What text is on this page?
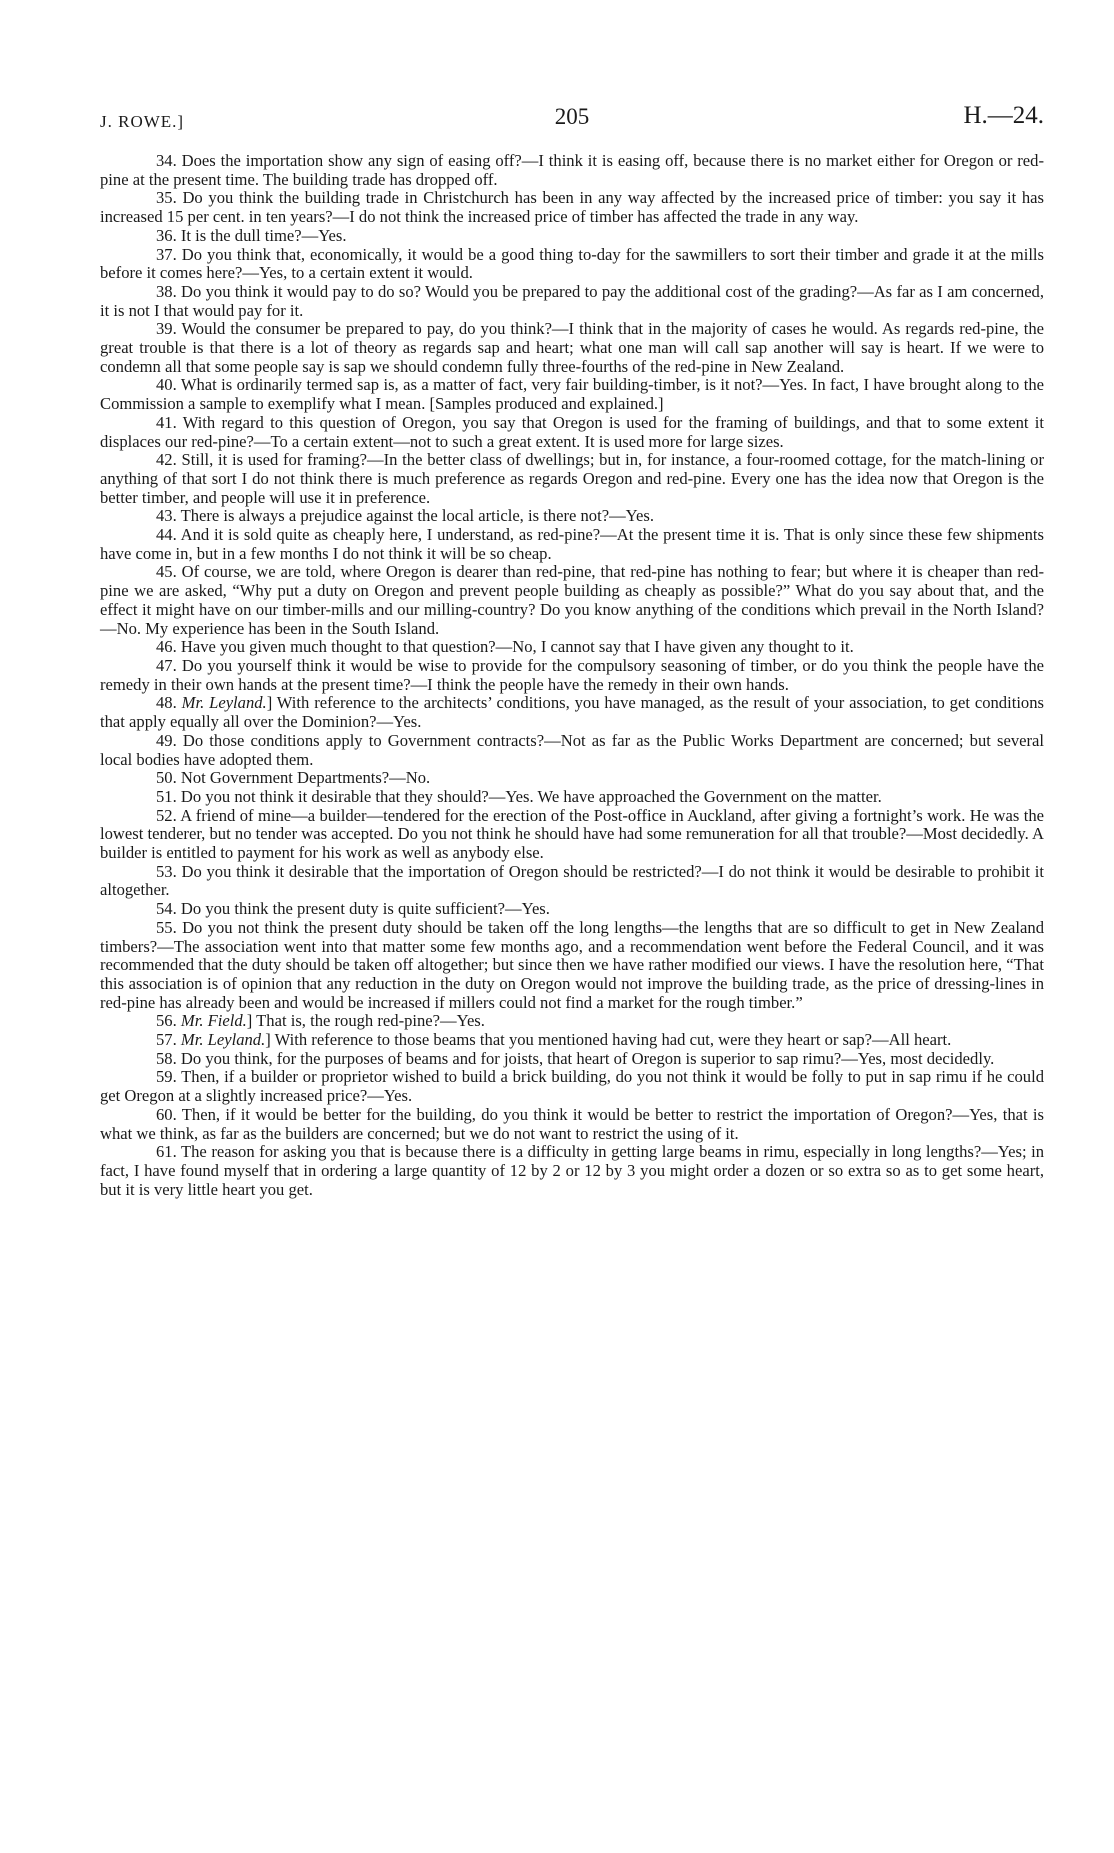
J. ROWE.]	205	H.—24.

34. Does the importation show any sign of easing off?—I think it is easing off, because there is no market either for Oregon or red-pine at the present time. The building trade has dropped off.

35. Do you think the building trade in Christchurch has been in any way affected by the increased price of timber: you say it has increased 15 per cent. in ten years?—I do not think the increased price of timber has affected the trade in any way.

36. It is the dull time?—Yes.

37. Do you think that, economically, it would be a good thing to-day for the sawmillers to sort their timber and grade it at the mills before it comes here?—Yes, to a certain extent it would.

38. Do you think it would pay to do so? Would you be prepared to pay the additional cost of the grading?—As far as I am concerned, it is not I that would pay for it.

39. Would the consumer be prepared to pay, do you think?—I think that in the majority of cases he would. As regards red-pine, the great trouble is that there is a lot of theory as regards sap and heart; what one man will call sap another will say is heart. If we were to condemn all that some people say is sap we should condemn fully three-fourths of the red-pine in New Zealand.

40. What is ordinarily termed sap is, as a matter of fact, very fair building-timber, is it not?—Yes. In fact, I have brought along to the Commission a sample to exemplify what I mean. [Samples produced and explained.]

41. With regard to this question of Oregon, you say that Oregon is used for the framing of buildings, and that to some extent it displaces our red-pine?—To a certain extent—not to such a great extent. It is used more for large sizes.

42. Still, it is used for framing?—In the better class of dwellings; but in, for instance, a four-roomed cottage, for the match-lining or anything of that sort I do not think there is much preference as regards Oregon and red-pine. Every one has the idea now that Oregon is the better timber, and people will use it in preference.

43. There is always a prejudice against the local article, is there not?—Yes.

44. And it is sold quite as cheaply here, I understand, as red-pine?—At the present time it is. That is only since these few shipments have come in, but in a few months I do not think it will be so cheap.

45. Of course, we are told, where Oregon is dearer than red-pine, that red-pine has nothing to fear; but where it is cheaper than red-pine we are asked, “Why put a duty on Oregon and prevent people building as cheaply as possible?” What do you say about that, and the effect it might have on our timber-mills and our milling-country? Do you know anything of the conditions which prevail in the North Island?—No. My experience has been in the South Island.

46. Have you given much thought to that question?—No, I cannot say that I have given any thought to it.

47. Do you yourself think it would be wise to provide for the compulsory seasoning of timber, or do you think the people have the remedy in their own hands at the present time?—I think the people have the remedy in their own hands.

48. Mr. Leyland.] With reference to the architects’ conditions, you have managed, as the result of your association, to get conditions that apply equally all over the Dominion?—Yes.

49. Do those conditions apply to Government contracts?—Not as far as the Public Works Department are concerned; but several local bodies have adopted them.

50. Not Government Departments?—No.

51. Do you not think it desirable that they should?—Yes. We have approached the Government on the matter.

52. A friend of mine—a builder—tendered for the erection of the Post-office in Auckland, after giving a fortnight’s work. He was the lowest tenderer, but no tender was accepted. Do you not think he should have had some remuneration for all that trouble?—Most decidedly. A builder is entitled to payment for his work as well as anybody else.

53. Do you think it desirable that the importation of Oregon should be restricted?—I do not think it would be desirable to prohibit it altogether.

54. Do you think the present duty is quite sufficient?—Yes.

55. Do you not think the present duty should be taken off the long lengths—the lengths that are so difficult to get in New Zealand timbers?—The association went into that matter some few months ago, and a recommendation went before the Federal Council, and it was recommended that the duty should be taken off altogether; but since then we have rather modified our views. I have the resolution here, “That this association is of opinion that any reduction in the duty on Oregon would not improve the building trade, as the price of dressing-lines in red-pine has already been and would be increased if millers could not find a market for the rough timber.”

56. Mr. Field.] That is, the rough red-pine?—Yes.

57. Mr. Leyland.] With reference to those beams that you mentioned having had cut, were they heart or sap?—All heart.

58. Do you think, for the purposes of beams and for joists, that heart of Oregon is superior to sap rimu?—Yes, most decidedly.

59. Then, if a builder or proprietor wished to build a brick building, do you not think it would be folly to put in sap rimu if he could get Oregon at a slightly increased price?—Yes.

60. Then, if it would be better for the building, do you think it would be better to restrict the importation of Oregon?—Yes, that is what we think, as far as the builders are concerned; but we do not want to restrict the using of it.

61. The reason for asking you that is because there is a difficulty in getting large beams in rimu, especially in long lengths?—Yes; in fact, I have found myself that in ordering a large quantity of 12 by 2 or 12 by 3 you might order a dozen or so extra so as to get some heart, but it is very little heart you get.
